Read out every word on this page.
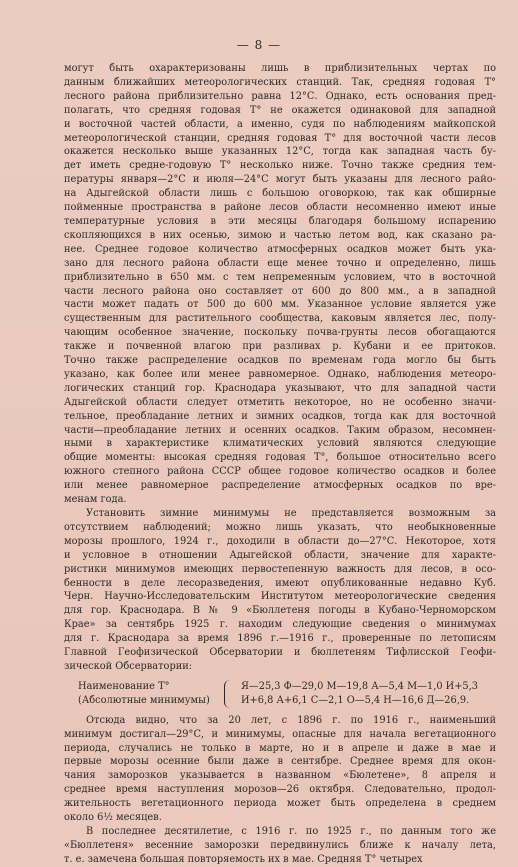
— 8 —
могут быть охарактеризованы лишь в приблизительных чертах по
данным ближайших метеорологических станций. Так, средняя годовая T°
лесного района приблизительно равна 12°С. Однако, есть основания пред-
полагать, что средняя годовая T° не окажется одинаковой для западной
и восточной частей области, а именно, судя по наблюдениям майкопской
метеорологической станции, средняя годовая T° для восточной части лесов
окажется несколько выше указанных 12°С, тогда как западная часть бу-
дет иметь средне-годовую T° несколько ниже. Точно также средния тем-
пературы января—2°С и июля—24°С могут быть указаны для лесного райо-
на Адыгейской области лишь с большою оговоркою, так как обширные
пойменные пространства в районе лесов области несомненно имеют иные
температурные условия в эти месяцы благодаря большому испарению
скопляющихся в них осенью, зимою и частью летом вод, как сказано ра-
нее. Среднее годовое количество атмосферных осадков может быть ука-
зано для лесного района области еще менее точно и определенно, лишь
приблизительно в 650 мм. с тем непременным условием, что в восточной
части лесного района оно составляет от 600 до 800 мм., а в западной
части может падать от 500 до 600 мм. Указанное условие является уже
существенным для растительного сообщества, каковым является лес, полу-
чающим особенное значение, поскольку почва-грунты лесов обогащаются
также и почвенной влагою при разливах р. Кубани и ее притоков.
Точно также распределение осадков по временам года могло бы быть
указано, как более или менее равномерное. Однако, наблюдения метеоро-
логических станций гор. Краснодара указывают, что для западной части
Адыгейской области следует отметить некоторое, но не особенно значи-
тельное, преобладание летних и зимних осадков, тогда как для восточной
части—преобладание летних и осенних осадков. Таким образом, несомнен-
ными в характеристике климатических условий являются следующие
общие моменты: высокая средняя годовая T°, большое относительно всего
южного степного района СССР общее годовое количество осадков и более
или менее равномерное распределение атмосферных осадков по вре-
менам года.
Установить зимние минимумы не представляется возможным за
отсутствием наблюдений; можно лишь указать, что необыкновенные
морозы прошлого, 1924 г., доходили в области до—27°С. Некоторое, хотя
и условное в отношении Адыгейской области, значение для характе-
ристики минимумов имеющих первостепенную важность для лесов, в осо-
бенности в деле лесоразведения, имеют опубликованные недавно Куб.
Черн. Научно-Исследовательским Институтом метеорологические сведения
для гор. Краснодара. В № 9 «Бюллетеня погоды в Кубано-Черноморском
Крае» за сентябрь 1925 г. находим следующие сведения о минимумах
для г. Краснодара за время 1896 г.—1916 г., проверенные по летописям
Главной Геофизической Обсерватории и бюллетеням Тифлисской Геофи-
зической Обсерватории:
Наименование T°
(Абсолютные минимумы)
Я—25,3 Ф—29,0 М—19,8 А—5,4 М—1,0 И+5,3
И+6,8 А+6,1 С—2,1 О—5,4 Н—16,6 Д—26,9.
Отсюда видно, что за 20 лет, с 1896 г. по 1916 г., наименьший
минимум достигал—29°С, и минимумы, опасные для начала вегетационного
периода, случались не только в марте, но и в апреле и даже в мае и
первые морозы осенние были даже в сентябре. Среднее время для окон-
чания заморозков указывается в названном «Бюлетене», 8 апреля и
среднее время наступления морозов—26 октября. Следовательно, продол-
жительность вегетационного периода может быть определена в среднем
около 6½ месяцев.
В последнее десятилетие, с 1916 г. по 1925 г., по данным того же
«Бюллетеня» весенние заморозки передвинулись ближе к началу лета,
т. е. замечена большая повторяемость их в мае. Средняя T° четырех
